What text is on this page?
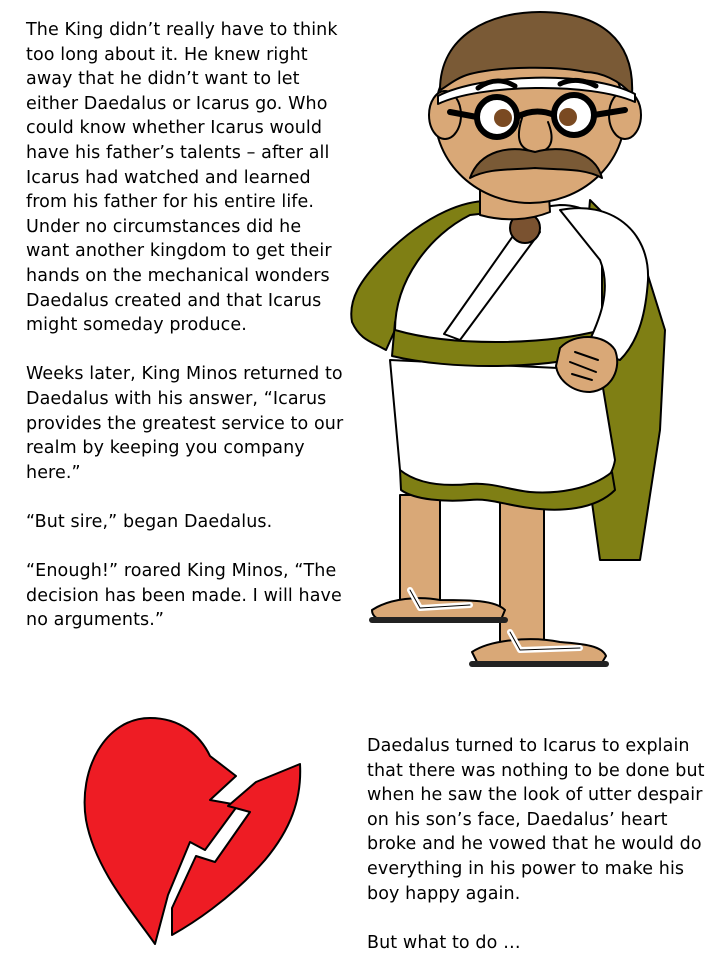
The King didn’t really have to think too long about it. He knew right away that he didn’t want to let either Daedalus or Icarus go. Who could know whether Icarus would have his father’s talents – after all Icarus had watched and learned from his father for his entire life. Under no circumstances did he want another kingdom to get their hands on the mechanical wonders Daedalus created and that Icarus might someday produce.

Weeks later, King Minos returned to Daedalus with his answer, “Icarus provides the greatest service to our realm by keeping you company here.”

“But sire,” began Daedalus.

“Enough!” roared King Minos, “The decision has been made. I will have no arguments.”

Daedalus turned to Icarus to explain that there was nothing to be done but when he saw the look of utter despair on his son’s face, Daedalus’ heart broke and he vowed that he would do everything in his power to make his boy happy again.

But what to do …
